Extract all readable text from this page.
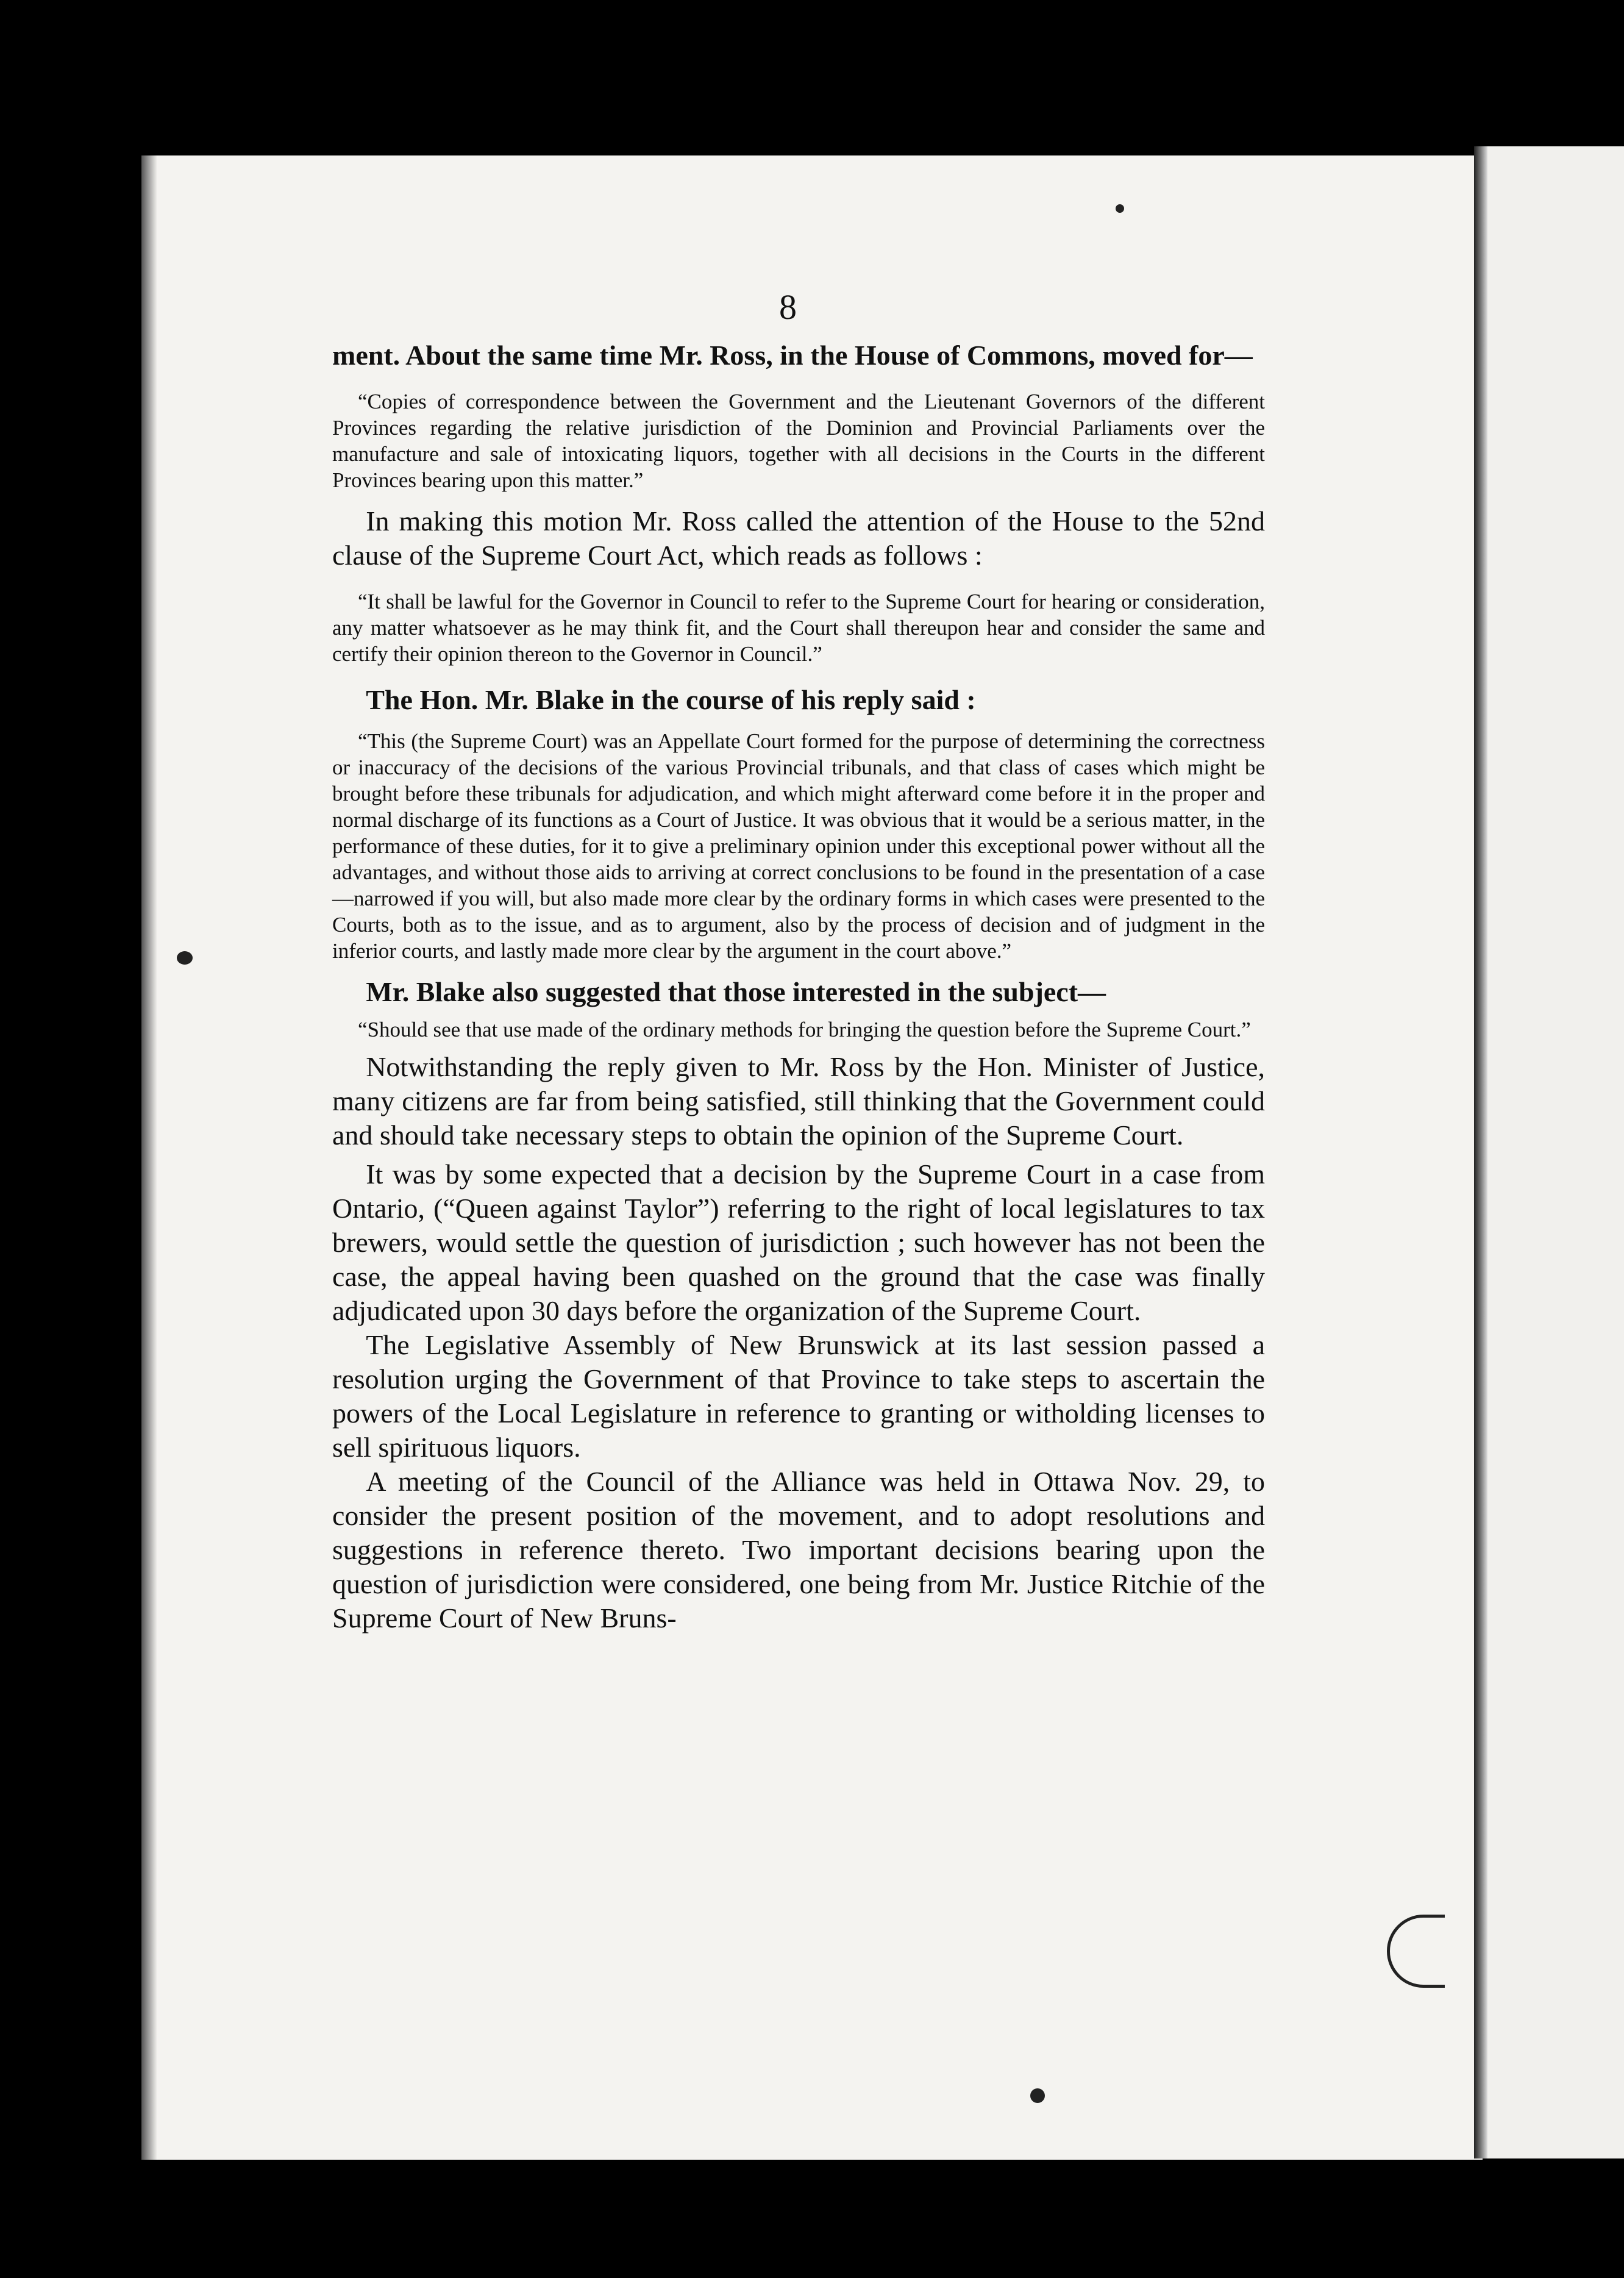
8

ment. About the same time Mr. Ross, in the House of Commons, moved for—

“Copies of correspondence between the Government and the Lieutenant Governors of the different Provinces regarding the relative jurisdiction of the Dominion and Provincial Parliaments over the manufacture and sale of intoxicating liquors, together with all decisions in the Courts in the different Provinces bearing upon this matter.”

In making this motion Mr. Ross called the attention of the House to the 52nd clause of the Supreme Court Act, which reads as follows :

“It shall be lawful for the Governor in Council to refer to the Supreme Court for hearing or consideration, any matter whatsoever as he may think fit, and the Court shall thereupon hear and consider the same and certify their opinion thereon to the Governor in Council.”

The Hon. Mr. Blake in the course of his reply said :

“This (the Supreme Court) was an Appellate Court formed for the purpose of determining the correctness or inaccuracy of the decisions of the various Provincial tribunals, and that class of cases which might be brought before these tribunals for adjudication, and which might afterward come before it in the proper and normal discharge of its functions as a Court of Justice. It was obvious that it would be a serious matter, in the performance of these duties, for it to give a preliminary opinion under this exceptional power without all the advantages, and without those aids to arriving at correct conclusions to be found in the presentation of a case—narrowed if you will, but also made more clear by the ordinary forms in which cases were presented to the Courts, both as to the issue, and as to argument, also by the process of decision and of judgment in the inferior courts, and lastly made more clear by the argument in the court above.”

Mr. Blake also suggested that those interested in the subject—

“Should see that use made of the ordinary methods for bringing the question before the Supreme Court.”

Notwithstanding the reply given to Mr. Ross by the Hon. Minister of Justice, many citizens are far from being satisfied, still thinking that the Government could and should take necessary steps to obtain the opinion of the Supreme Court.

It was by some expected that a decision by the Supreme Court in a case from Ontario, (“Queen against Taylor”) referring to the right of local legislatures to tax brewers, would settle the question of jurisdiction ; such however has not been the case, the appeal having been quashed on the ground that the case was finally adjudicated upon 30 days before the organization of the Supreme Court.

The Legislative Assembly of New Brunswick at its last session passed a resolution urging the Government of that Province to take steps to ascertain the powers of the Local Legislature in reference to granting or witholding licenses to sell spirituous liquors.

A meeting of the Council of the Alliance was held in Ottawa Nov. 29, to consider the present position of the movement, and to adopt resolutions and suggestions in reference thereto. Two important decisions bearing upon the question of jurisdiction were considered, one being from Mr. Justice Ritchie of the Supreme Court of New Bruns-
